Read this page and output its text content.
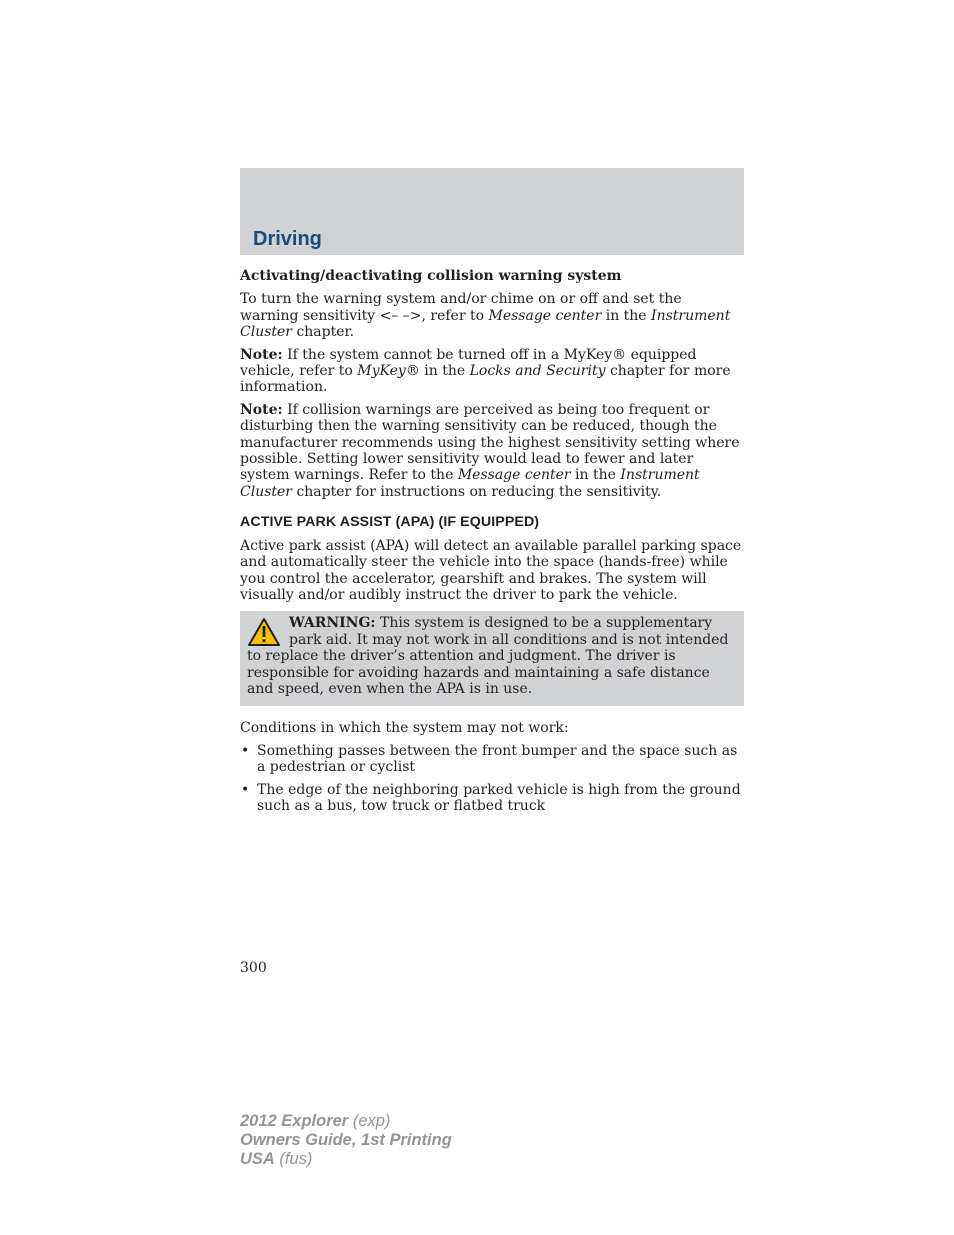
Driving

Activating/deactivating collision warning system

To turn the warning system and/or chime on or off and set the warning sensitivity <– –>, refer to Message center in the Instrument Cluster chapter.

Note: If the system cannot be turned off in a MyKey® equipped vehicle, refer to MyKey® in the Locks and Security chapter for more information.

Note: If collision warnings are perceived as being too frequent or disturbing then the warning sensitivity can be reduced, though the manufacturer recommends using the highest sensitivity setting where possible. Setting lower sensitivity would lead to fewer and later system warnings. Refer to the Message center in the Instrument Cluster chapter for instructions on reducing the sensitivity.

ACTIVE PARK ASSIST (APA) (IF EQUIPPED)

Active park assist (APA) will detect an available parallel parking space and automatically steer the vehicle into the space (hands-free) while you control the accelerator, gearshift and brakes. The system will visually and/or audibly instruct the driver to park the vehicle.

WARNING: This system is designed to be a supplementary park aid. It may not work in all conditions and is not intended to replace the driver’s attention and judgment. The driver is responsible for avoiding hazards and maintaining a safe distance and speed, even when the APA is in use.

Conditions in which the system may not work:

• Something passes between the front bumper and the space such as a pedestrian or cyclist
• The edge of the neighboring parked vehicle is high from the ground such as a bus, tow truck or flatbed truck
300
2012 Explorer (exp)
Owners Guide, 1st Printing
USA (fus)
